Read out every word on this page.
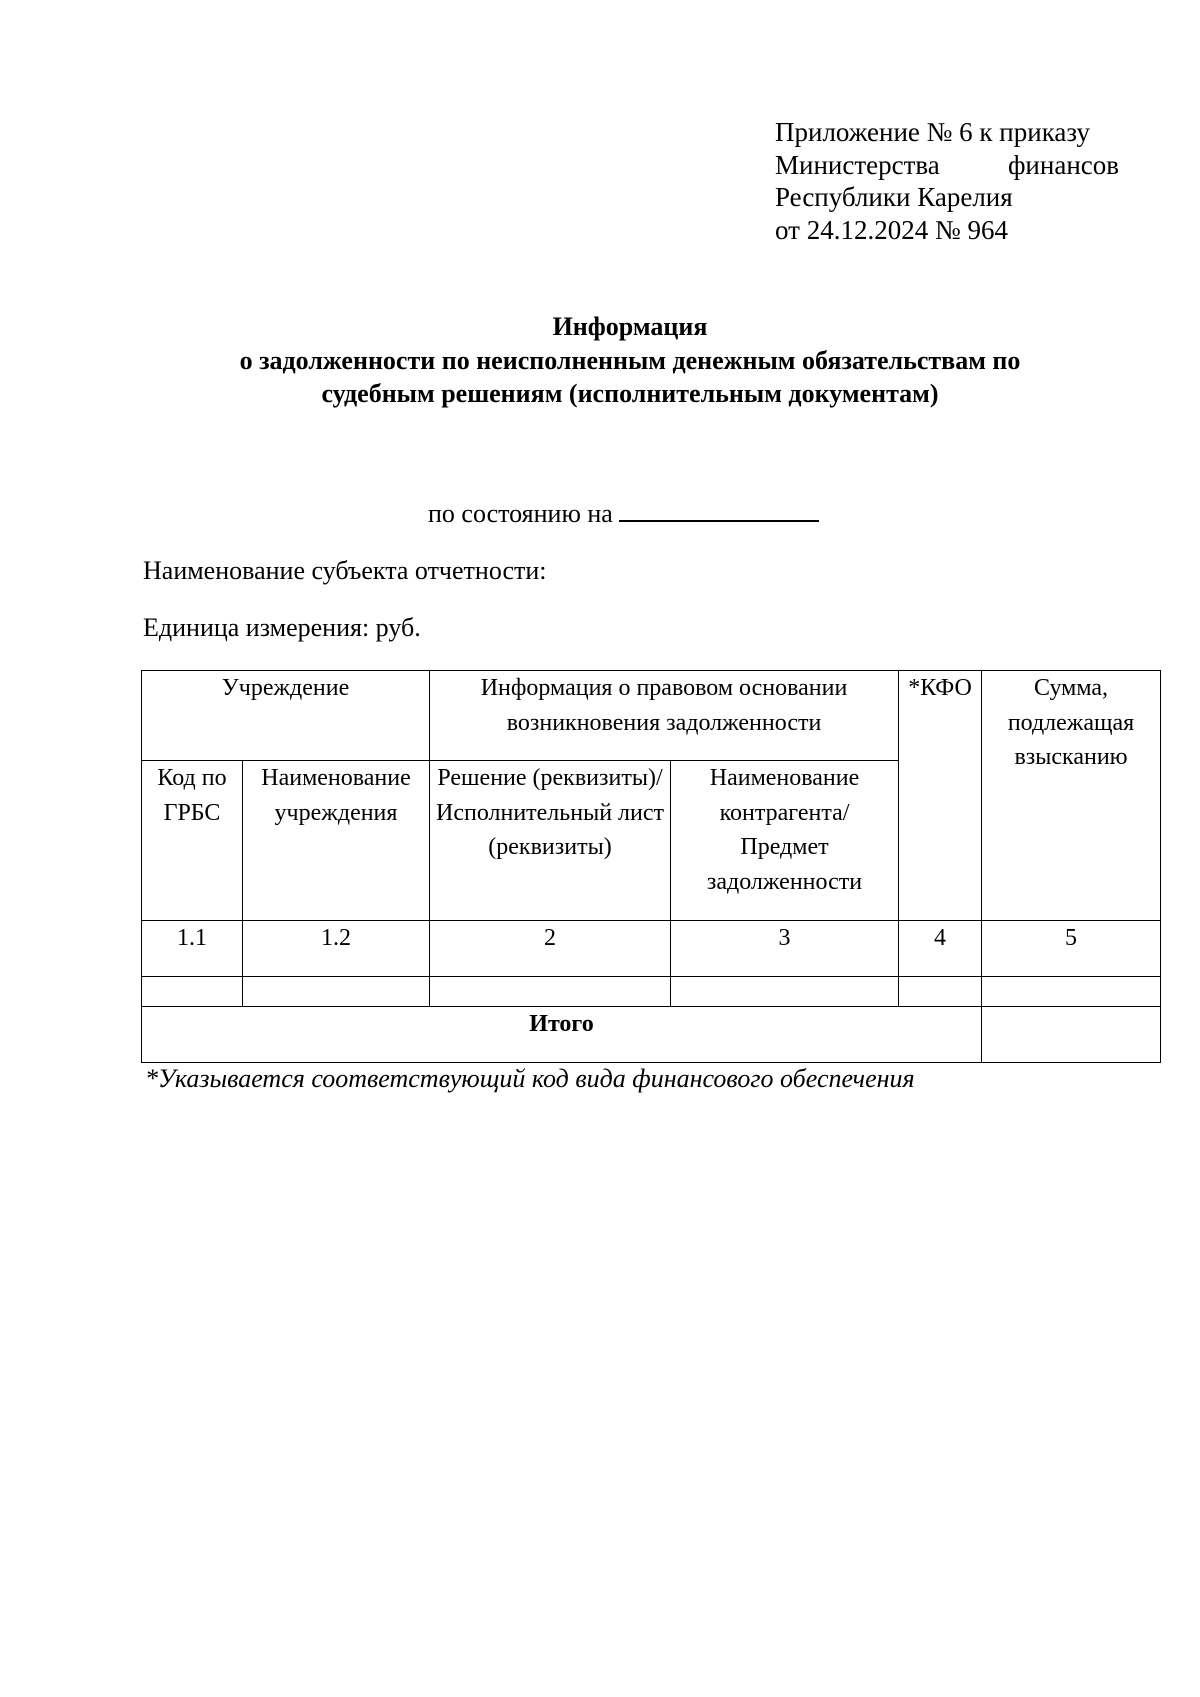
Приложение № 6 к приказу
Министерства	финансов
Республики Карелия
от 24.12.2024 № 964
Информация
о задолженности по неисполненным денежным обязательствам по
судебным решениям (исполнительным документам)
по состоянию на
Наименование субъекта отчетности:
Единица измерения: руб.
Учреждение		Информация о правовом основании возникновения задолженности		*КФО	Сумма, подлежащая взысканию
Код по ГРБС	Наименование учреждения	Решение (реквизиты)/ Исполнительный лист (реквизиты)	Наименование контрагента/ Предмет задолженности		
1.1	1.2	2	3	4	5

Итого					
*Указывается соответствующий код вида финансового обеспечения
